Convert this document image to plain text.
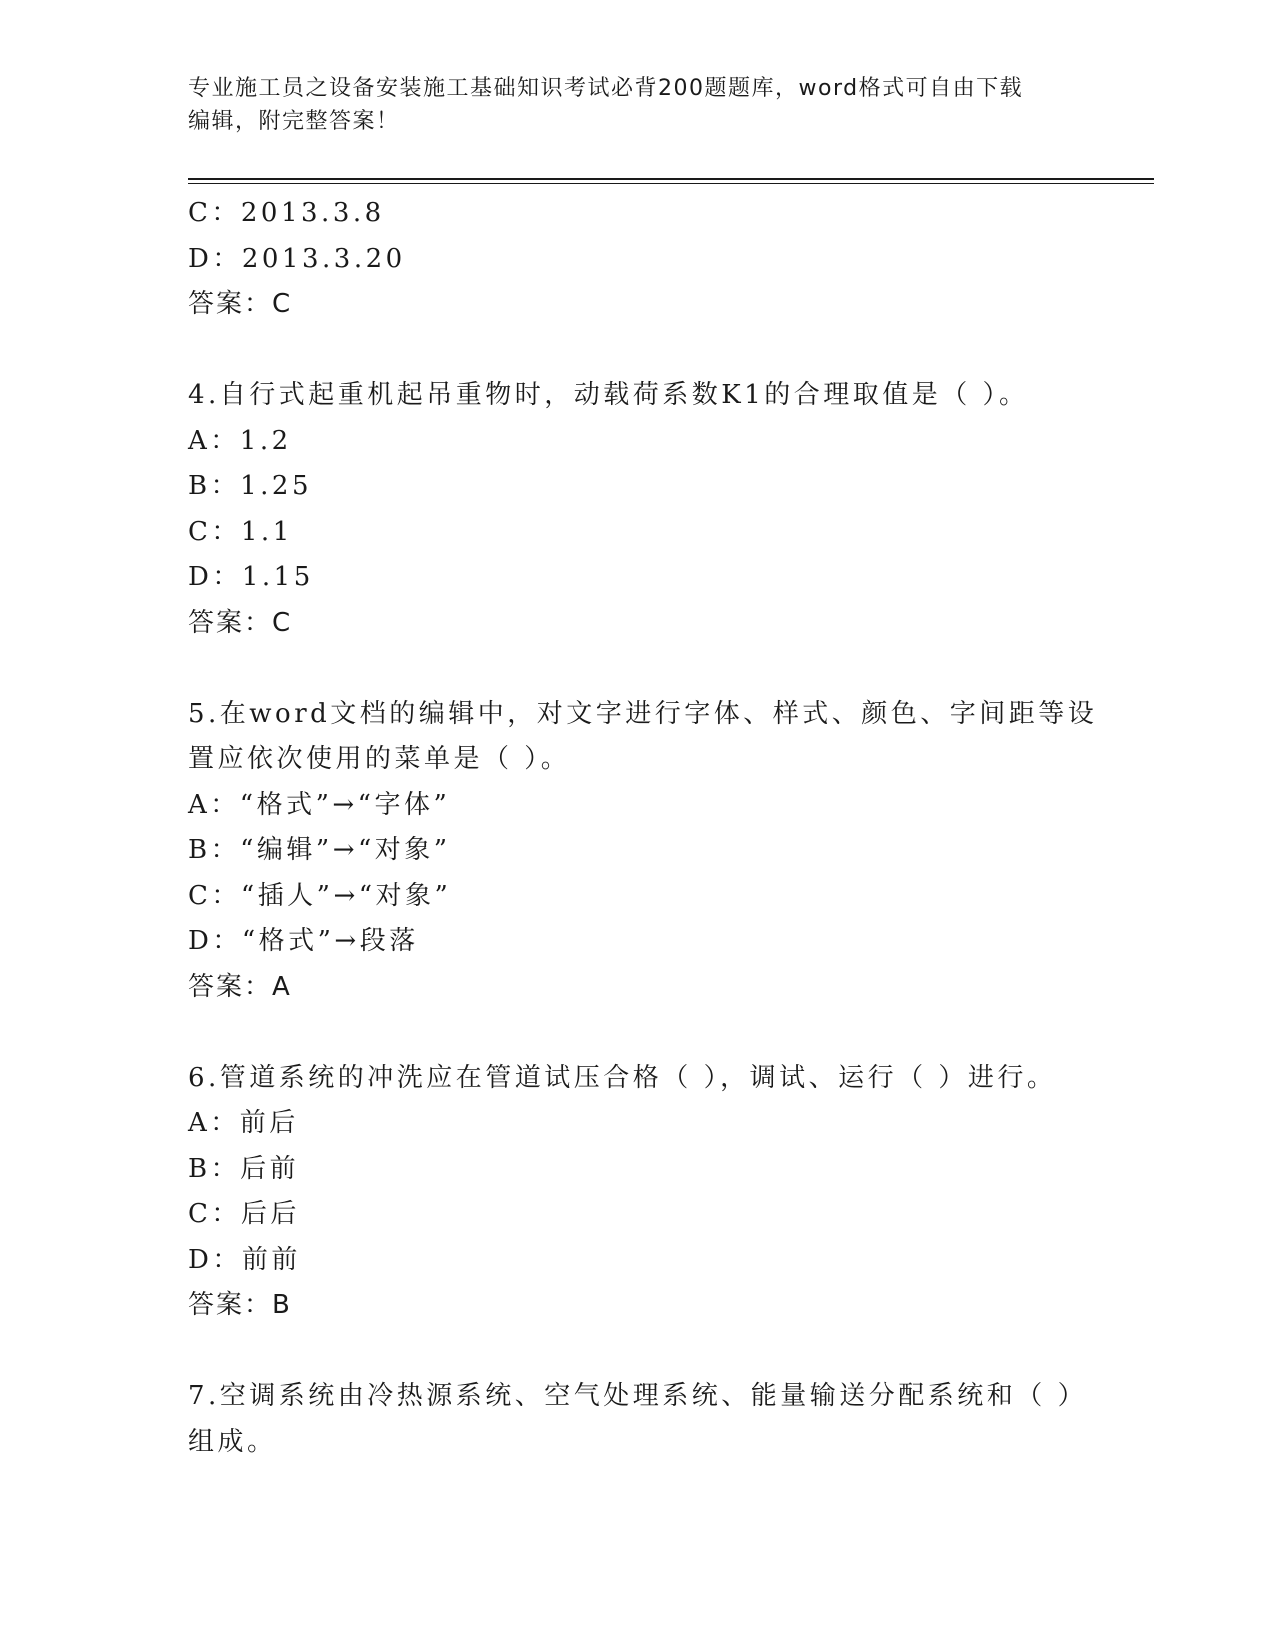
专业施工员之设备安装施工基础知识考试必背200题题库，word格式可自由下载
编辑，附完整答案！
C：2013.3.8
D：2013.3.20
答案：C
4.自行式起重机起吊重物时，动载荷系数K1的合理取值是（ ）。
A：1.2
B：1.25
C：1.1
D：1.15
答案：C
5.在word文档的编辑中，对文字进行字体、样式、颜色、字间距等设
置应依次使用的菜单是（ ）。
A：“格式”→“字体”
B：“编辑”→“对象”
C：“插人”→“对象”
D：“格式”→段落
答案：A
6.管道系统的冲洗应在管道试压合格（ ），调试、运行（ ）进行。
A：前后
B：后前
C：后后
D：前前
答案：B
7.空调系统由冷热源系统、空气处理系统、能量输送分配系统和（ ）
组成。
